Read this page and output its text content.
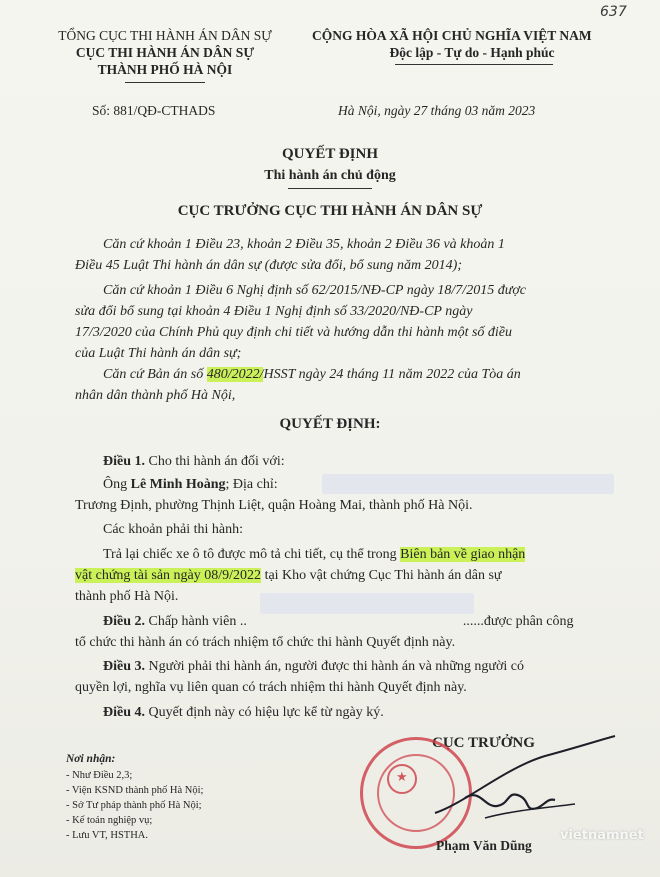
TỔNG CỤC THI HÀNH ÁN DÂN SỰ
CỤC THI HÀNH ÁN DÂN SỰ
THÀNH PHỐ HÀ NỘI
CỘNG HÒA XÃ HỘI CHỦ NGHĨA VIỆT NAM
Độc lập - Tự do - Hạnh phúc
637
Số: 881/QĐ-CTHADS	Hà Nội, ngày 27 tháng 03 năm 2023
QUYẾT ĐỊNH
Thi hành án chủ động
CỤC TRƯỞNG CỤC THI HÀNH ÁN DÂN SỰ
Căn cứ khoản 1 Điều 23, khoản 2 Điều 35, khoản 2 Điều 36 và khoản 1
Điều 45 Luật Thi hành án dân sự (được sửa đổi, bổ sung năm 2014);
Căn cứ khoản 1 Điều 6 Nghị định số 62/2015/NĐ-CP ngày 18/7/2015 được
sửa đổi bổ sung tại khoản 4 Điều 1 Nghị định số 33/2020/NĐ-CP ngày
17/3/2020 của Chính Phủ quy định chi tiết và hướng dẫn thi hành một số điều
của Luật Thi hành án dân sự;
Căn cứ Bản án số 480/2022/HSST ngày 24 tháng 11 năm 2022 của Tòa án
nhân dân thành phố Hà Nội,
QUYẾT ĐỊNH:
Điều 1. Cho thi hành án đối với:
Ông Lê Minh Hoàng; Địa chỉ:
Trương Định, phường Thịnh Liệt, quận Hoàng Mai, thành phố Hà Nội.
Các khoản phải thi hành:
Trả lại chiếc xe ô tô được mô tả chi tiết, cụ thể trong Biên bản về giao nhận
vật chứng tài sản ngày 08/9/2022 tại Kho vật chứng Cục Thi hành án dân sự
thành phố Hà Nội.
Điều 2. Chấp hành viên ..	......được phân công
tổ chức thi hành án có trách nhiệm tổ chức thi hành Quyết định này.
Điều 3. Người phải thi hành án, người được thi hành án và những người có
quyền lợi, nghĩa vụ liên quan có trách nhiệm thi hành Quyết định này.
Điều 4. Quyết định này có hiệu lực kể từ ngày ký.
Nơi nhận:
- Như Điều 2,3;
- Viện KSND thành phố Hà Nội;
- Sở Tư pháp thành phố Hà Nội;
- Kế toán nghiệp vụ;
- Lưu VT, HSTHA.
CỤC TRƯỞNG
★
Phạm Văn Dũng
vietnamnet
